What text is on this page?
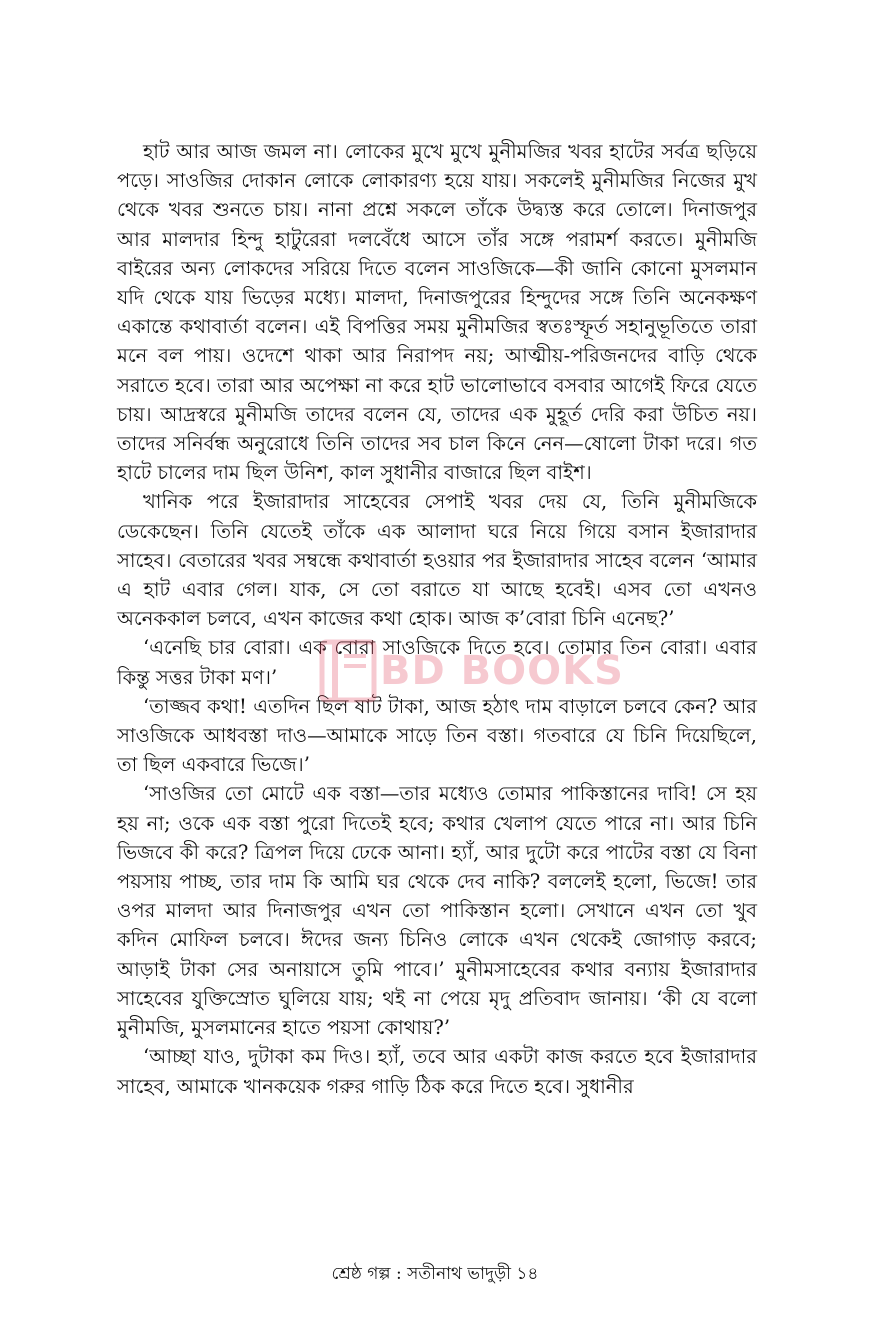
হাট আর আজ জমল না। লোকের মুখে মুখে মুনীমজির খবর হাটের সর্বত্র ছড়িয়ে পড়ে। সাওজির দোকান লোকে লোকারণ্য হয়ে যায়। সকলেই মুনীমজির নিজের মুখ থেকে খবর শুনতে চায়। নানা প্রশ্নে সকলে তাঁকে উদ্ব্যস্ত করে তোলে। দিনাজপুর আর মালদার হিন্দু হাটুরেরা দলবেঁধে আসে তাঁর সঙ্গে পরামর্শ করতে। মুনীমজি বাইরের অন্য লোকদের সরিয়ে দিতে বলেন সাওজিকে—কী জানি কোনো মুসলমান যদি থেকে যায় ভিড়ের মধ্যে। মালদা, দিনাজপুরের হিন্দুদের সঙ্গে তিনি অনেকক্ষণ একান্তে কথাবার্তা বলেন। এই বিপত্তির সময় মুনীমজির স্বতঃস্ফূর্ত সহানুভূতিতে তারা মনে বল পায়। ওদেশে থাকা আর নিরাপদ নয়; আত্মীয়-পরিজনদের বাড়ি থেকে সরাতে হবে। তারা আর অপেক্ষা না করে হাট ভালোভাবে বসবার আগেই ফিরে যেতে চায়। আদ্রস্বরে মুনীমজি তাদের বলেন যে, তাদের এক মুহূর্ত দেরি করা উচিত নয়। তাদের সনির্বন্ধ অনুরোধে তিনি তাদের সব চাল কিনে নেন—ষোলো টাকা দরে। গত হাটে চালের দাম ছিল উনিশ, কাল সুধানীর বাজারে ছিল বাইশ।

খানিক পরে ইজারাদার সাহেবের সেপাই খবর দেয় যে, তিনি মুনীমজিকে ডেকেছেন। তিনি যেতেই তাঁকে এক আলাদা ঘরে নিয়ে গিয়ে বসান ইজারাদার সাহেব। বেতারের খবর সম্বন্ধে কথাবার্তা হওয়ার পর ইজারাদার সাহেব বলেন ‘আমার এ হাট এবার গেল। যাক, সে তো বরাতে যা আছে হবেই। এসব তো এখনও অনেককাল চলবে, এখন কাজের কথা হোক। আজ ক’বোরা চিনি এনেছ?’

‘এনেছি চার বোরা। এক বোরা সাওজিকে দিতে হবে। তোমার তিন বোরা। এবার কিন্তু সত্তর টাকা মণ।’

‘তাজ্জব কথা! এতদিন ছিল ষাট টাকা, আজ হঠাৎ দাম বাড়ালে চলবে কেন? আর সাওজিকে আধবস্তা দাও—আমাকে সাড়ে তিন বস্তা। গতবারে যে চিনি দিয়েছিলে, তা ছিল একবারে ভিজে।’

‘সাওজির তো মোটে এক বস্তা—তার মধ্যেও তোমার পাকিস্তানের দাবি! সে হয় হয় না; ওকে এক বস্তা পুরো দিতেই হবে; কথার খেলাপ যেতে পারে না। আর চিনি ভিজবে কী করে? ত্রিপল দিয়ে ঢেকে আনা। হ্যাঁ, আর দুটো করে পাটের বস্তা যে বিনা পয়সায় পাচ্ছ, তার দাম কি আমি ঘর থেকে দেব নাকি? বললেই হলো, ভিজে! তার ওপর মালদা আর দিনাজপুর এখন তো পাকিস্তান হলো। সেখানে এখন তো খুব কদিন মোফিল চলবে। ঈদের জন্য চিনিও লোকে এখন থেকেই জোগাড় করবে; আড়াই টাকা সের অনায়াসে তুমি পাবে।’ মুনীমসাহেবের কথার বন্যায় ইজারাদার সাহেবের যুক্তিস্রোত ঘুলিয়ে যায়; থই না পেয়ে মৃদু প্রতিবাদ জানায়। ‘কী যে বলো মুনীমজি, মুসলমানের হাতে পয়সা কোথায়?’

‘আচ্ছা যাও, দুটাকা কম দিও। হ্যাঁ, তবে আর একটা কাজ করতে হবে ইজারাদার সাহেব, আমাকে খানকয়েক গরুর গাড়ি ঠিক করে দিতে হবে। সুধানীর

BD BOOKS
শ্রেষ্ঠ গল্প : সতীনাথ ভাদুড়ী ১৪
